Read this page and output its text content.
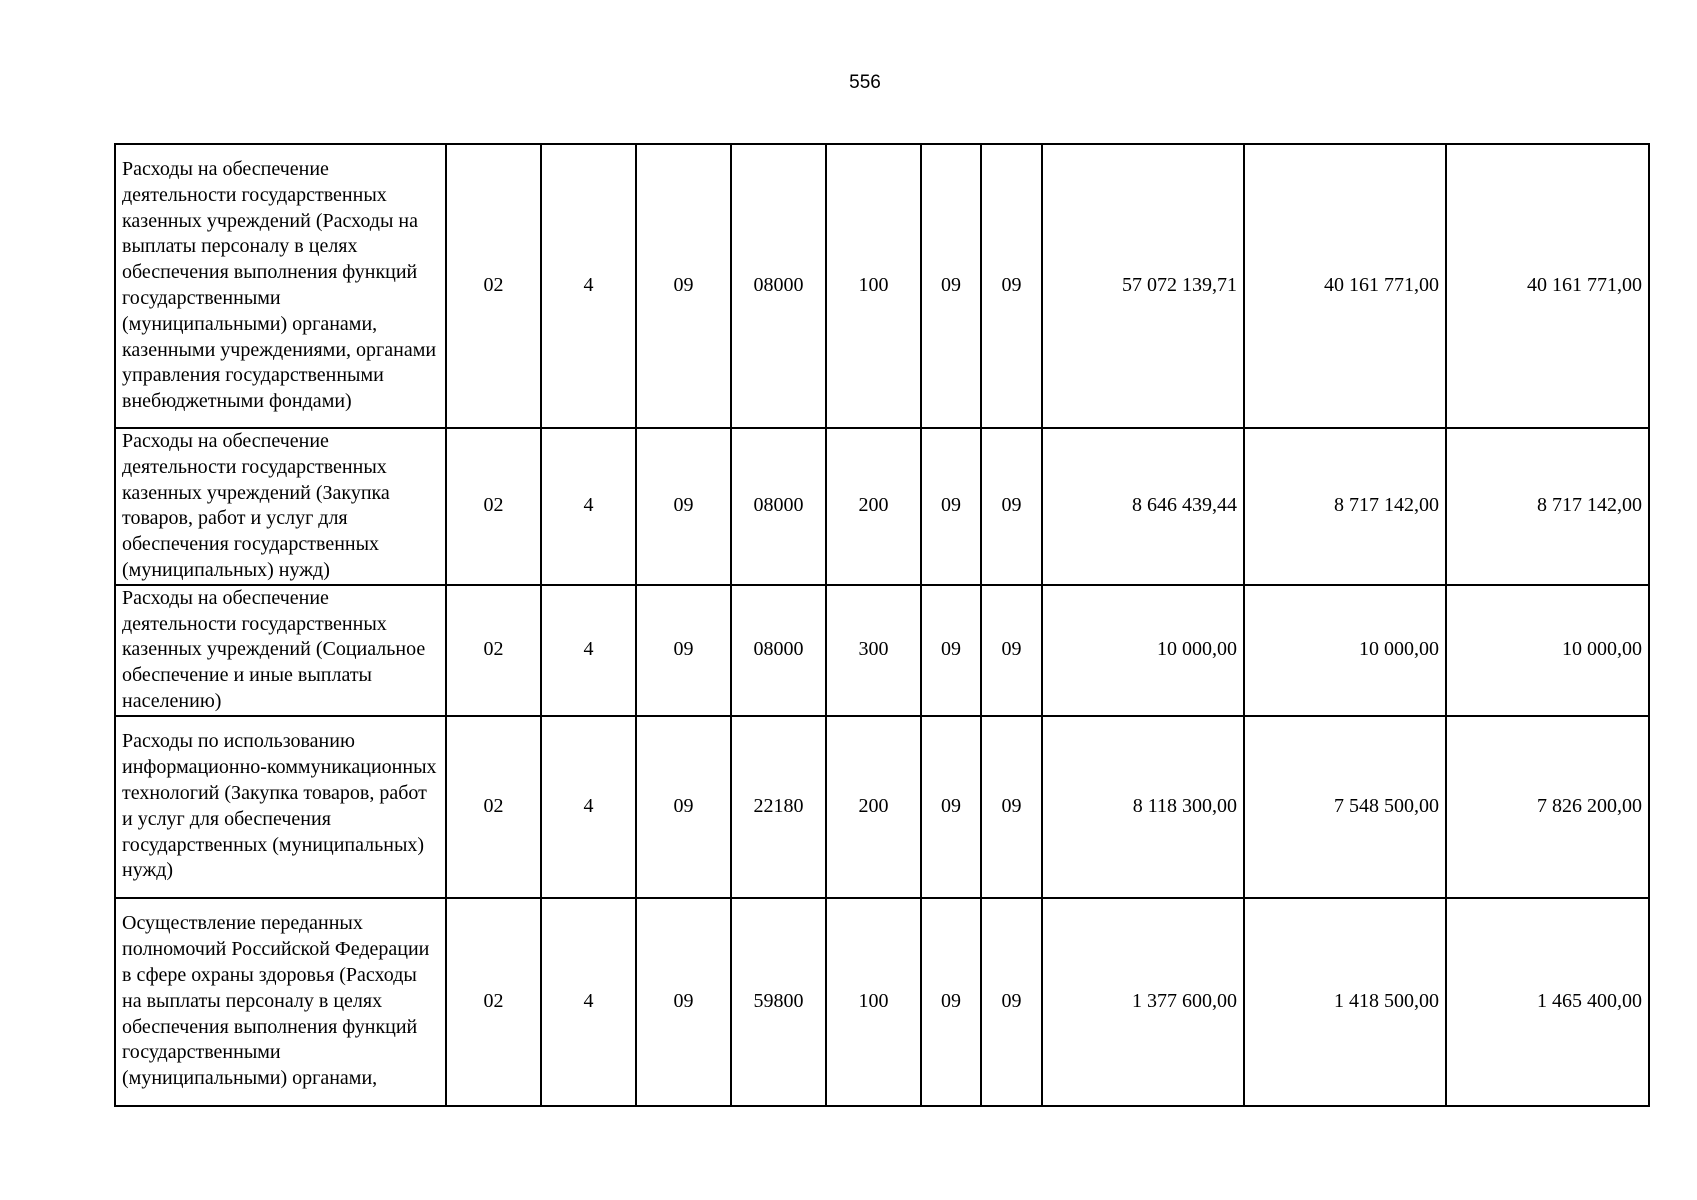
556
Расходы на обеспечение деятельности государственных казенных учреждений (Расходы на выплаты персоналу в целях обеспечения выполнения функций государственными (муниципальными) органами, казенными учреждениями, органами управления государственными внебюджетными фондами)	02	4	09	08000	100	09	09	57 072 139,71	40 161 771,00	40 161 771,00
Расходы на обеспечение деятельности государственных казенных учреждений (Закупка товаров, работ и услуг для обеспечения государственных (муниципальных) нужд)	02	4	09	08000	200	09	09	8 646 439,44	8 717 142,00	8 717 142,00
Расходы на обеспечение деятельности государственных казенных учреждений (Социальное обеспечение и иные выплаты населению)	02	4	09	08000	300	09	09	10 000,00	10 000,00	10 000,00
Расходы по использованию информационно-коммуникационных технологий (Закупка товаров, работ и услуг для обеспечения государственных (муниципальных) нужд)	02	4	09	22180	200	09	09	8 118 300,00	7 548 500,00	7 826 200,00
Осуществление переданных полномочий Российской Федерации в сфере охраны здоровья (Расходы на выплаты персоналу в целях обеспечения выполнения функций государственными (муниципальными) органами,	02	4	09	59800	100	09	09	1 377 600,00	1 418 500,00	1 465 400,00
